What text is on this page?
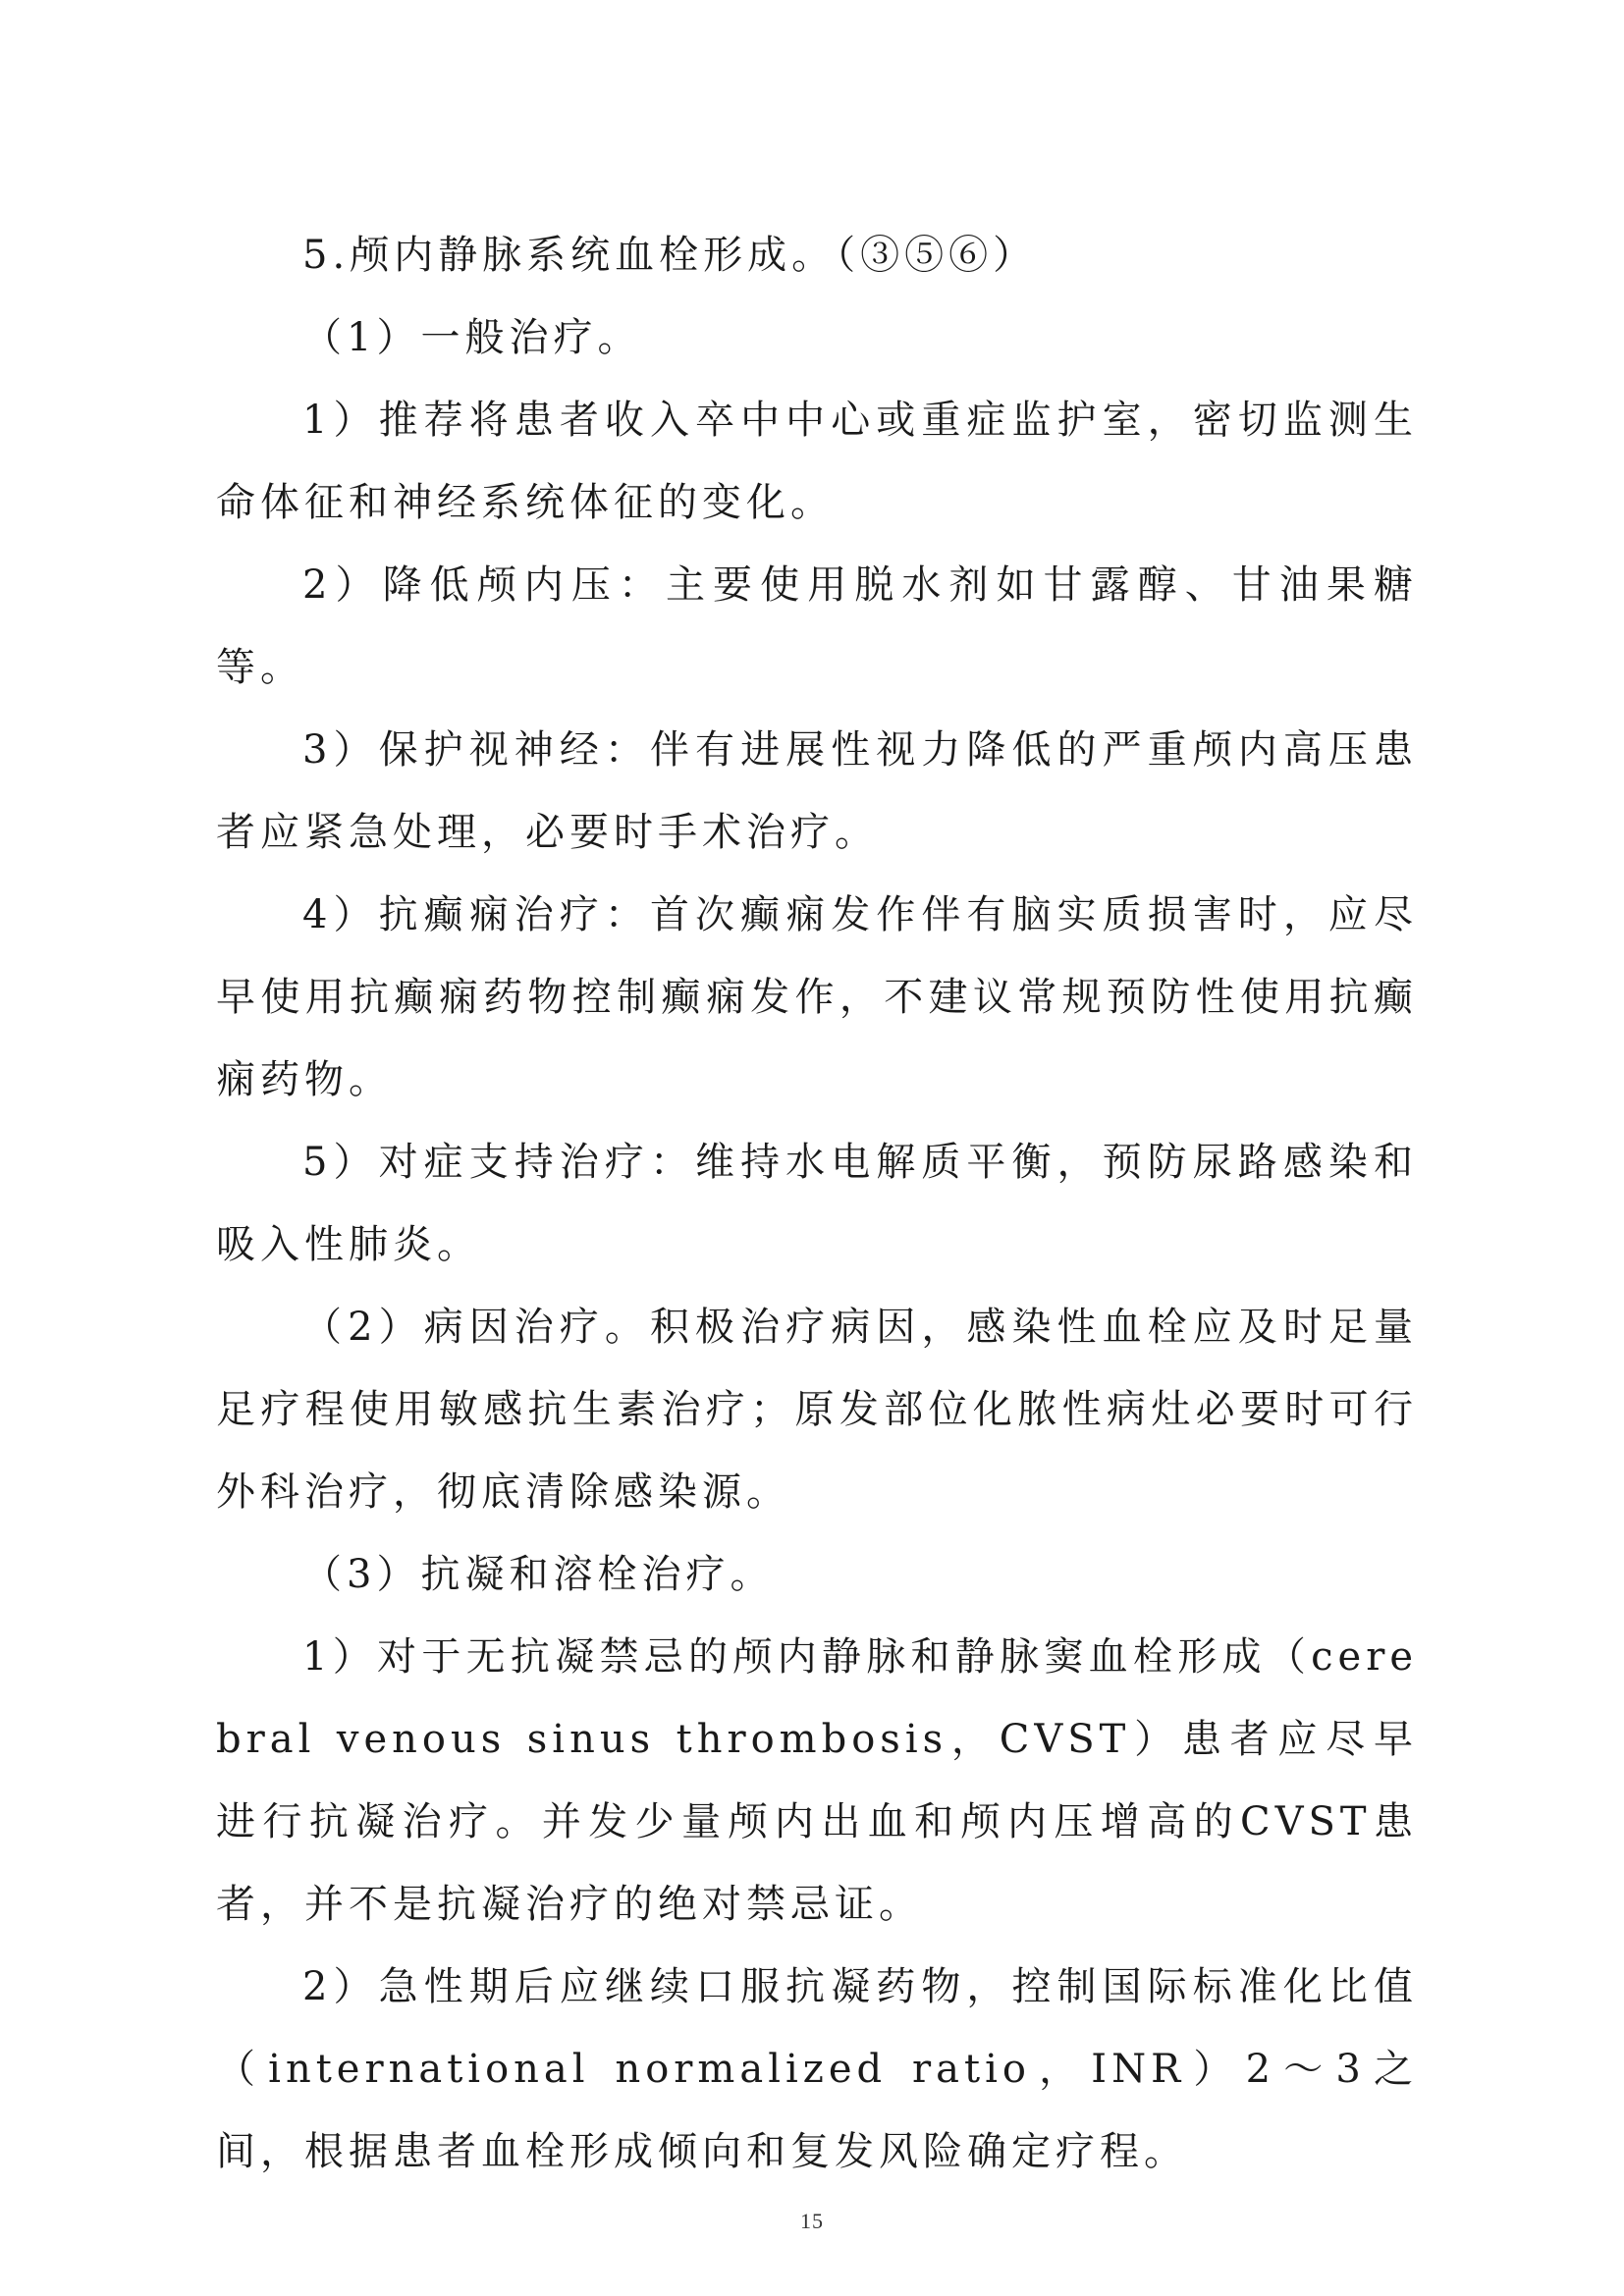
5.颅内静脉系统血栓形成。（③⑤⑥）

（1）一般治疗。

1）推荐将患者收入卒中中心或重症监护室，密切监测生命体征和神经系统体征的变化。

2）降低颅内压：主要使用脱水剂如甘露醇、甘油果糖等。

3）保护视神经：伴有进展性视力降低的严重颅内高压患者应紧急处理，必要时手术治疗。

4）抗癫痫治疗：首次癫痫发作伴有脑实质损害时，应尽早使用抗癫痫药物控制癫痫发作，不建议常规预防性使用抗癫痫药物。

5）对症支持治疗：维持水电解质平衡，预防尿路感染和吸入性肺炎。

（2）病因治疗。积极治疗病因，感染性血栓应及时足量足疗程使用敏感抗生素治疗；原发部位化脓性病灶必要时可行外科治疗，彻底清除感染源。

（3）抗凝和溶栓治疗。

1）对于无抗凝禁忌的颅内静脉和静脉窦血栓形成（cerebral venous sinus thrombosis，CVST）患者应尽早进行抗凝治疗。并发少量颅内出血和颅内压增高的CVST患者，并不是抗凝治疗的绝对禁忌证。

2）急性期后应继续口服抗凝药物，控制国际标准化比值（international normalized ratio，INR）2～3之间，根据患者血栓形成倾向和复发风险确定疗程。

15
